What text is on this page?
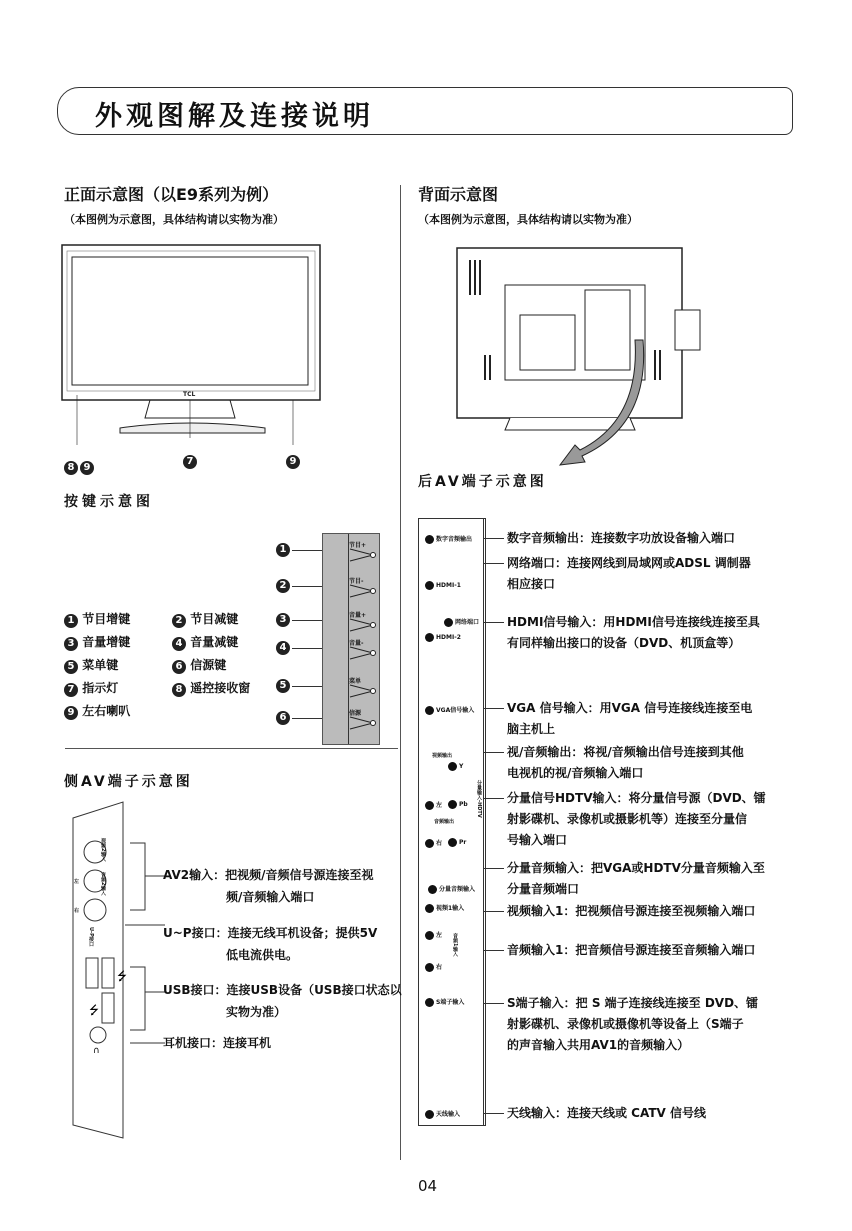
外观图解及连接说明
正面示意图（以E9系列为例）
（本图例为示意图，具体结构请以实物为准）
TCL
8 9
7	9
按键示意图
1	节目+
2	节目-
3	音量+
4	音量-
5	菜单
6	信源
1 节目增键	2 节目减键
3 音量增键	4 音量减键
5 菜单键	6 信源键
7 指示灯	8 遥控接收窗
9 左右喇叭
侧AV端子示意图
⭍
⭍
∩
左
右
视频2输入
音频2输入
U-P接口
AV2输入：把视频/音频信号源连接至视
频/音频输入端口
U~P接口：连接无线耳机设备；提供5V
低电流供电。
USB接口：连接USB设备（USB接口状态以
实物为准）
耳机接口：连接耳机
背面示意图
（本图例为示意图，具体结构请以实物为准）
后AV端子示意图
数字音频输出
HDMI-1
网络端口
HDMI-2
VGA信号输入
Y
Pb
Pr
左
右
分量音频输入
视频1输入
左
右
S端子输入
天线输入
视频输出
音频输出
分量输入-HDTV
音频1输入
数字音频输出：连接数字功放设备输入端口
网络端口：连接网线到局域网或ADSL 调制器
相应接口
HDMI信号输入：用HDMI信号连接线连接至具
有同样输出接口的设备（DVD、机顶盒等）
VGA 信号输入：用VGA 信号连接线连接至电
脑主机上
视/音频输出：将视/音频输出信号连接到其他
电视机的视/音频输入端口
分量信号HDTV输入：将分量信号源（DVD、镭
射影碟机、录像机或摄影机等）连接至分量信
号输入端口
分量音频输入：把VGA或HDTV分量音频输入至
分量音频端口
视频输入1：把视频信号源连接至视频输入端口
音频输入1：把音频信号源连接至音频输入端口
S端子输入：把 S 端子连接线连接至 DVD、镭
射影碟机、录像机或摄像机等设备上（S端子
的声音输入共用AV1的音频输入）
天线输入：连接天线或 CATV 信号线
04
